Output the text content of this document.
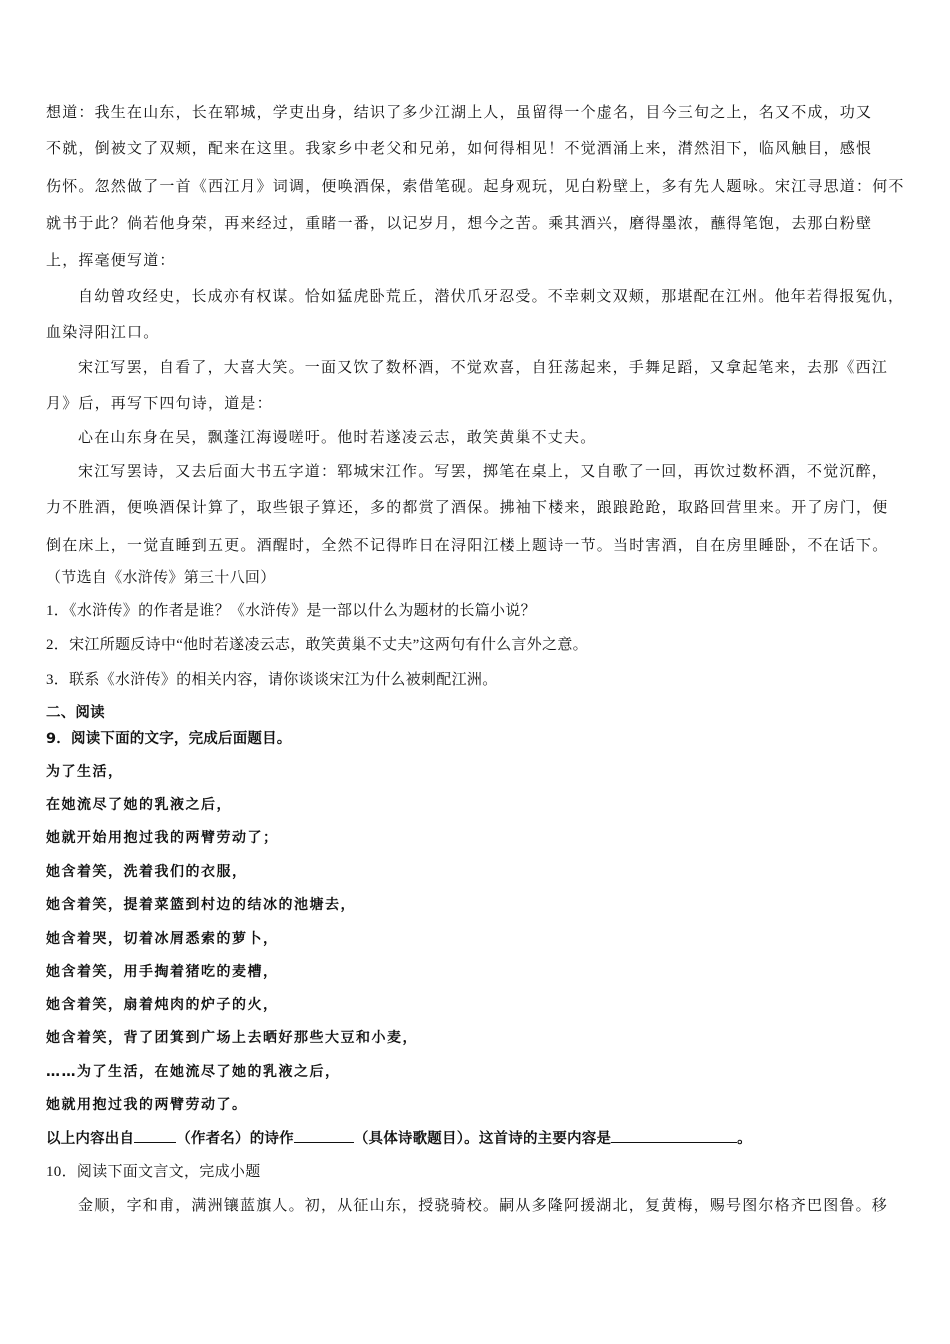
想道：我生在山东，长在郓城，学吏出身，结识了多少江湖上人，虽留得一个虚名，目今三旬之上，名又不成，功又
不就，倒被文了双颊，配来在这里。我家乡中老父和兄弟，如何得相见！不觉酒涌上来，潸然泪下，临风触目，感恨
伤怀。忽然做了一首《西江月》词调，便唤酒保，索借笔砚。起身观玩，见白粉壁上，多有先人题咏。宋江寻思道：何不
就书于此？倘若他身荣，再来经过，重睹一番，以记岁月，想今之苦。乘其酒兴，磨得墨浓，蘸得笔饱，去那白粉壁
上，挥毫便写道：
自幼曾攻经史，长成亦有权谋。恰如猛虎卧荒丘，潜伏爪牙忍受。不幸刺文双颊，那堪配在江州。他年若得报冤仇，
血染浔阳江口。
宋江写罢，自看了，大喜大笑。一面又饮了数杯酒，不觉欢喜，自狂荡起来，手舞足蹈，又拿起笔来，去那《西江
月》后，再写下四句诗，道是：
心在山东身在吴，飘蓬江海谩嗟吁。他时若遂凌云志，敢笑黄巢不丈夫。
宋江写罢诗，又去后面大书五字道：郓城宋江作。写罢，掷笔在桌上，又自歌了一回，再饮过数杯酒，不觉沉醉，
力不胜酒，便唤酒保计算了，取些银子算还，多的都赏了酒保。拂袖下楼来，踉踉跄跄，取路回营里来。开了房门，便
倒在床上，一觉直睡到五更。酒醒时，全然不记得昨日在浔阳江楼上题诗一节。当时害酒，自在房里睡卧，不在话下。
（节选自《水浒传》第三十八回）
1．《水浒传》的作者是谁？《水浒传》是一部以什么为题材的长篇小说？
2．宋江所题反诗中“他时若遂凌云志，敢笑黄巢不丈夫”这两句有什么言外之意。
3．联系《水浒传》的相关内容，请你谈谈宋江为什么被刺配江洲。
二、阅读
9．阅读下面的文字，完成后面题目。
为了生活，
在她流尽了她的乳液之后，
她就开始用抱过我的两臂劳动了；
她含着笑，洗着我们的衣服，
她含着笑，提着菜篮到村边的结冰的池塘去，
她含着哭，切着冰屑悉索的萝卜，
她含着笑，用手掏着猪吃的麦槽，
她含着笑，扇着炖肉的炉子的火，
她含着笑，背了团箕到广场上去晒好那些大豆和小麦，
……为了生活，在她流尽了她的乳液之后，
她就用抱过我的两臂劳动了。
以上内容出自	（作者名）的诗作	（具体诗歌题目）。这首诗的主要内容是	。
10．阅读下面文言文，完成小题
金顺，字和甫，满洲镶蓝旗人。初，从征山东，授骁骑校。嗣从多隆阿援湖北，复黄梅，赐号图尔格齐巴图鲁。移
